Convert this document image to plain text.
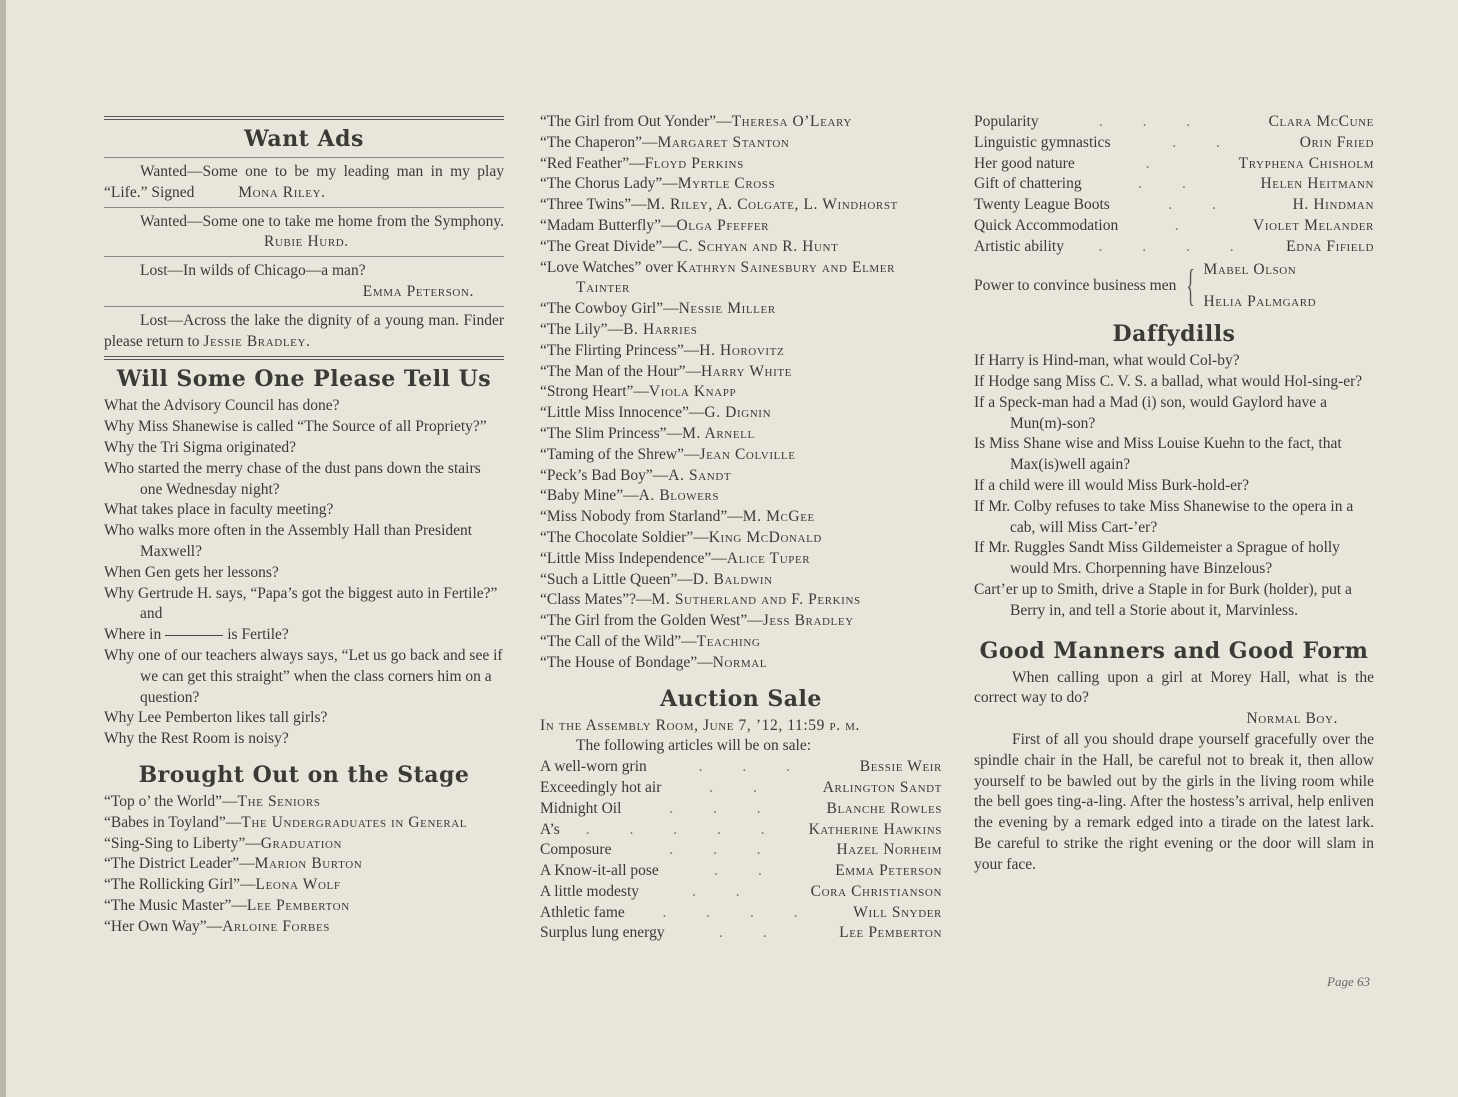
Want Ads

Wanted—Some one to be my leading man in my play “Life.” Signed	Mona Riley.

Wanted—Some one to take me home from the Symphony. Rubie Hurd.

Lost—In wilds of Chicago—a man?

Emma Peterson.

Lost—Across the lake the dignity of a young man. Finder please return to Jessie Bradley.

Will Some One Please Tell Us

What the Advisory Council has done?

Why Miss Shanewise is called “The Source of all Propriety?”

Why the Tri Sigma originated?

Who started the merry chase of the dust pans down the stairs one Wednesday night?

What takes place in faculty meeting?

Who walks more often in the Assembly Hall than President Maxwell?

When Gen gets her lessons?

Why Gertrude H. says, “Papa’s got the biggest auto in Fertile?” and

Where in	is Fertile?

Why one of our teachers always says, “Let us go back and see if we can get this straight” when the class corners him on a question?

Why Lee Pemberton likes tall girls?

Why the Rest Room is noisy?

Brought Out on the Stage

“Top o’ the World”—The Seniors

“Babes in Toyland”—The Undergraduates in General

“Sing-Sing to Liberty”—Graduation

“The District Leader”—Marion Burton

“The Rollicking Girl”—Leona Wolf

“The Music Master”—Lee Pemberton

“Her Own Way”—Arloine Forbes

“The Girl from Out Yonder”—Theresa O’Leary

“The Chaperon”—Margaret Stanton

“Red Feather”—Floyd Perkins

“The Chorus Lady”—Myrtle Cross

“Three Twins”—M. Riley, A. Colgate, L. Windhorst

“Madam Butterfly”—Olga Pfeffer

“The Great Divide”—C. Schyan and R. Hunt

“Love Watches” over Kathryn Sainesbury and Elmer Tainter

“The Cowboy Girl”—Nessie Miller

“The Lily”—B. Harries

“The Flirting Princess”—H. Horovitz

“The Man of the Hour”—Harry White

“Strong Heart”—Viola Knapp

“Little Miss Innocence”—G. Dignin

“The Slim Princess”—M. Arnell

“Taming of the Shrew”—Jean Colville

“Peck’s Bad Boy”—A. Sandt

“Baby Mine”—A. Blowers

“Miss Nobody from Starland”—M. McGee

“The Chocolate Soldier”—King McDonald

“Little Miss Independence”—Alice Tuper

“Such a Little Queen”—D. Baldwin

“Class Mates”?—M. Sutherland and F. Perkins

“The Girl from the Golden West”—Jess Bradley

“The Call of the Wild”—Teaching

“The House of Bondage”—Normal

Auction Sale
In the Assembly Room, June 7, ’12, 11:59 p. m.
The following articles will be on sale:
A well-worn grin	. . .	Bessie Weir
Exceedingly hot air	. .	Arlington Sandt
Midnight Oil	. . .	Blanche Rowles
A’s	. . . . .	Katherine Hawkins
Composure	. . .	Hazel Norheim
A Know-it-all pose	. .	Emma Peterson
A little modesty	. .	Cora Christianson
Athletic fame	. . . .	Will Snyder
Surplus lung energy	. .	Lee Pemberton
Popularity	. . .	Clara McCune
Linguistic gymnastics	. .	Orin Fried
Her good nature	.	Tryphena Chisholm
Gift of chattering	. .	Helen Heitmann
Twenty League Boots	. .	H. Hindman
Quick Accommodation	.	Violet Melander
Artistic ability	. . . .	Edna Fifield
Power to convince business men { Mabel Olson
Helia Palmgard
Daffydills

If Harry is Hind-man, what would Col-by?

If Hodge sang Miss C. V. S. a ballad, what would Hol-sing-er?

If a Speck-man had a Mad (i) son, would Gaylord have a Mun(m)-son?

Is Miss Shane wise and Miss Louise Kuehn to the fact, that Max(is)well again?

If a child were ill would Miss Burk-hold-er?

If Mr. Colby refuses to take Miss Shanewise to the opera in a cab, will Miss Cart-’er?

If Mr. Ruggles Sandt Miss Gildemeister a Sprague of holly would Mrs. Chorpenning have Binzelous?

Cart’er up to Smith, drive a Staple in for Burk (holder), put a Berry in, and tell a Storie about it, Marvinless.

Good Manners and Good Form

When calling upon a girl at Morey Hall, what is the correct way to do?

Normal Boy.

First of all you should drape yourself gracefully over the spindle chair in the Hall, be careful not to break it, then allow yourself to be bawled out by the girls in the living room while the bell goes ting-a-ling. After the hostess’s arrival, help enliven the evening by a remark edged into a tirade on the latest lark. Be careful to strike the right evening or the door will slam in your face.

Page 63
